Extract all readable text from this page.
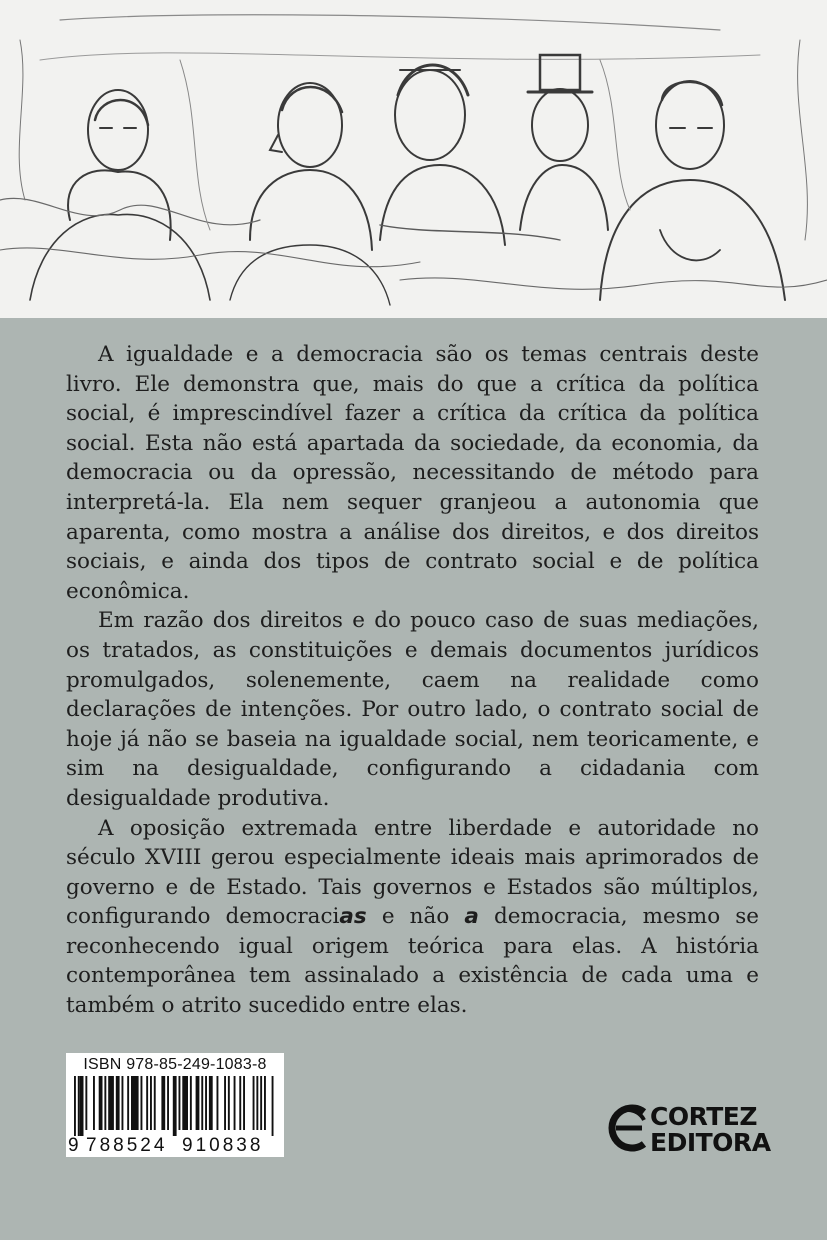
A igualdade e a democracia são os temas centrais deste livro. Ele demonstra que, mais do que a crítica da política social, é imprescindível fazer a crítica da crítica da política social. Esta não está apartada da sociedade, da economia, da democracia ou da opressão, necessitando de método para interpretá-la. Ela nem sequer granjeou a autonomia que aparenta, como mostra a análise dos direitos, e dos direitos sociais, e ainda dos tipos de contrato social e de política econômica.

Em razão dos direitos e do pouco caso de suas mediações, os tratados, as constituições e demais documentos jurídicos promulgados, solenemente, caem na realidade como declarações de intenções. Por outro lado, o contrato social de hoje já não se baseia na igualdade social, nem teoricamente, e sim na desigualdade, configurando a cidadania com desigualdade produtiva.

A oposição extremada entre liberdade e autoridade no século XVIII gerou especialmente ideais mais aprimorados de governo e de Estado. Tais governos e Estados são múltiplos, configurando democracias e não a democracia, mesmo se reconhecendo igual origem teórica para elas. A história contemporânea tem assinalado a existência de cada uma e também o atrito sucedido entre elas.

ISBN 978-85-249-1083-8
9 788524 910838
CORTEZ
EDITORA
